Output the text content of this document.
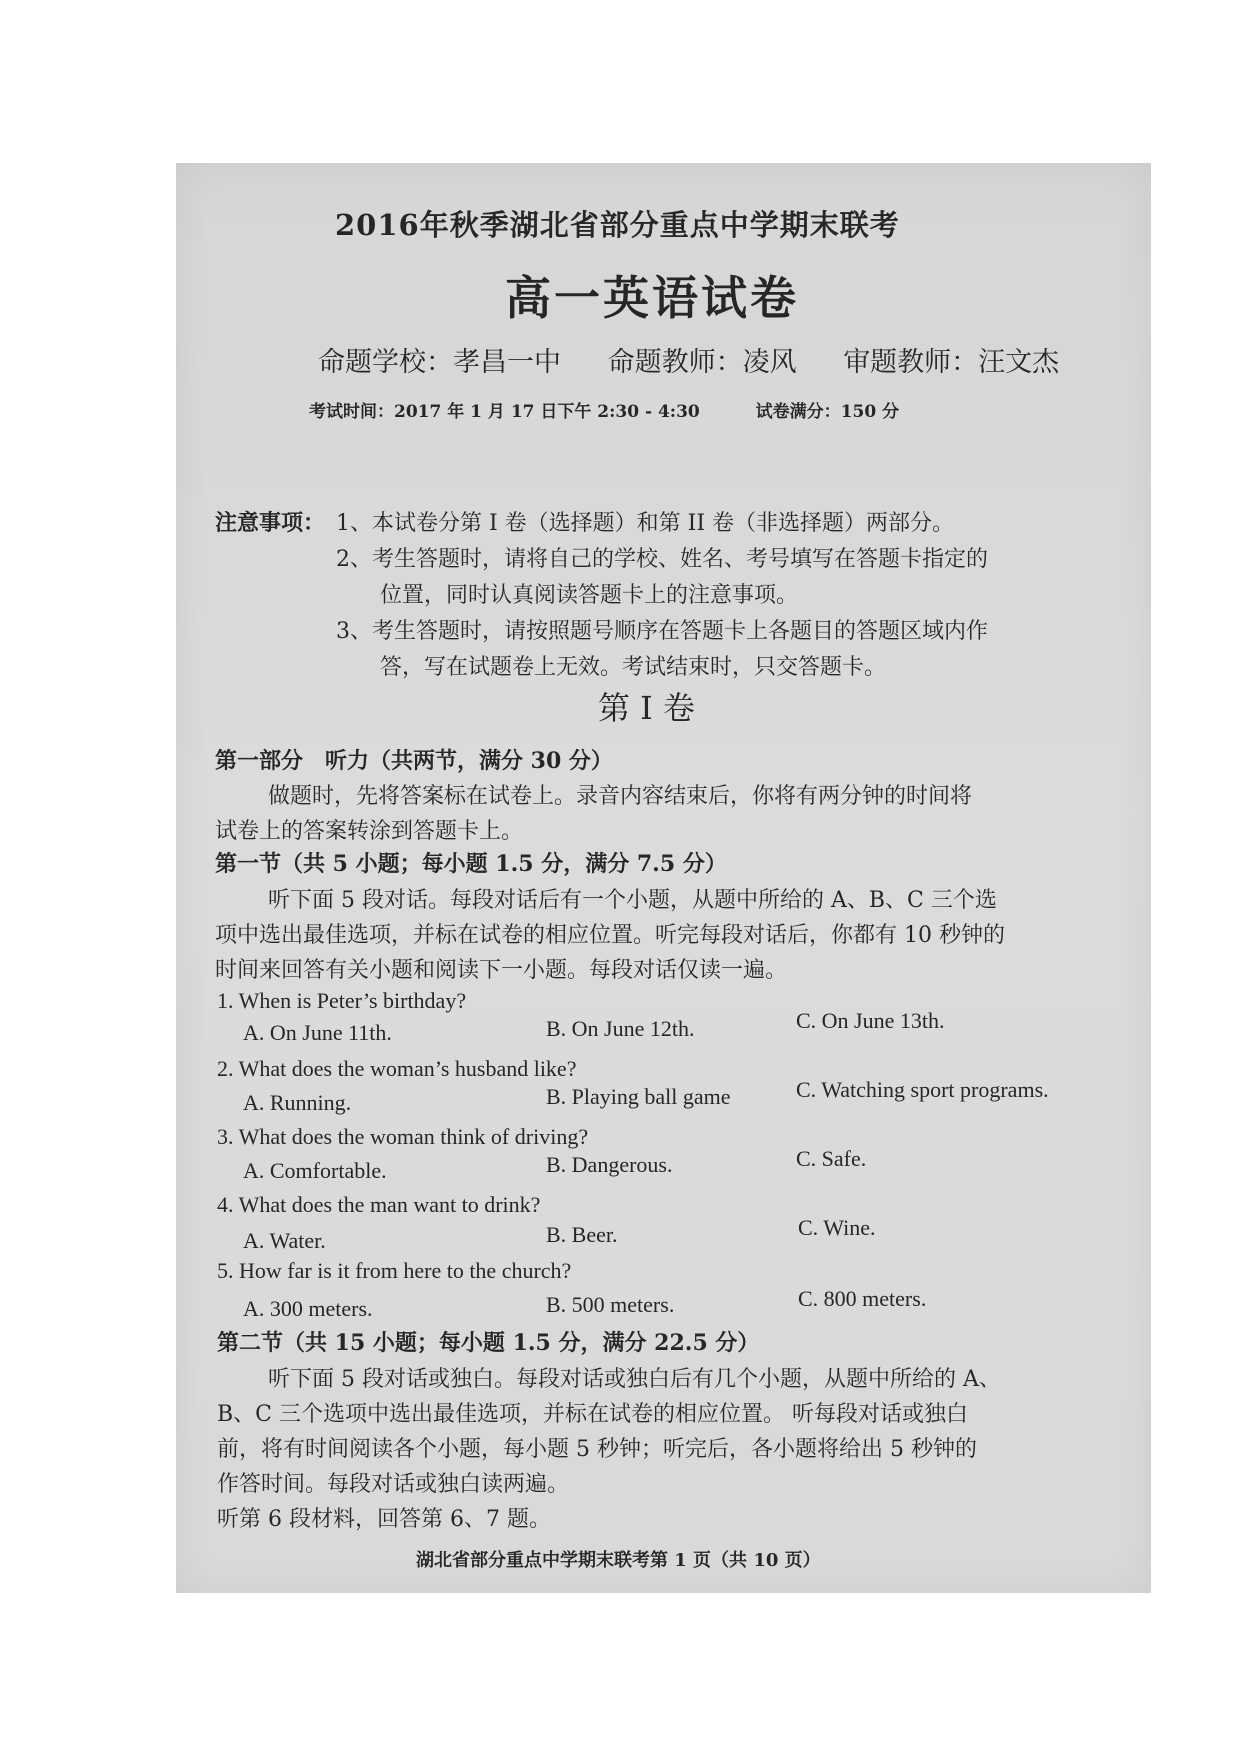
2016年秋季湖北省部分重点中学期末联考
高一英语试卷
命题学校：孝昌一中 命题教师：凌风 审题教师：汪文杰
考试时间：2017 年 1 月 17 日下午 2:30 - 4:30	试卷满分：150 分
注意事项： 1、本试卷分第 I 卷（选择题）和第 II 卷（非选择题）两部分。
2、考生答题时，请将自己的学校、姓名、考号填写在答题卡指定的
位置，同时认真阅读答题卡上的注意事项。
3、考生答题时，请按照题号顺序在答题卡上各题目的答题区域内作
答，写在试题卷上无效。考试结束时，只交答题卡。
第 I 卷
第一部分　听力（共两节，满分 30 分）
做题时，先将答案标在试卷上。录音内容结束后，你将有两分钟的时间将
试卷上的答案转涂到答题卡上。
第一节（共 5 小题；每小题 1.5 分，满分 7.5 分）
听下面 5 段对话。每段对话后有一个小题，从题中所给的 A、B、C 三个选
项中选出最佳选项，并标在试卷的相应位置。听完每段对话后，你都有 10 秒钟的
时间来回答有关小题和阅读下一小题。每段对话仅读一遍。
1. When is Peter’s birthday?
A. On June 11th.	B. On June 12th.	C. On June 13th.
2. What does the woman’s husband like?
A. Running.	B. Playing ball game	C. Watching sport programs.
3. What does the woman think of driving?
A. Comfortable.	B. Dangerous.	C. Safe.
4. What does the man want to drink?
A. Water.	B. Beer.	C. Wine.
5. How far is it from here to the church?
A. 300 meters.	B. 500 meters.	C. 800 meters.
第二节（共 15 小题；每小题 1.5 分，满分 22.5 分）
听下面 5 段对话或独白。每段对话或独白后有几个小题，从题中所给的 A、
B、C 三个选项中选出最佳选项，并标在试卷的相应位置。 听每段对话或独白
前，将有时间阅读各个小题，每小题 5 秒钟；听完后，各小题将给出 5 秒钟的
作答时间。每段对话或独白读两遍。
听第 6 段材料，回答第 6、7 题。
湖北省部分重点中学期末联考第 1 页（共 10 页）
